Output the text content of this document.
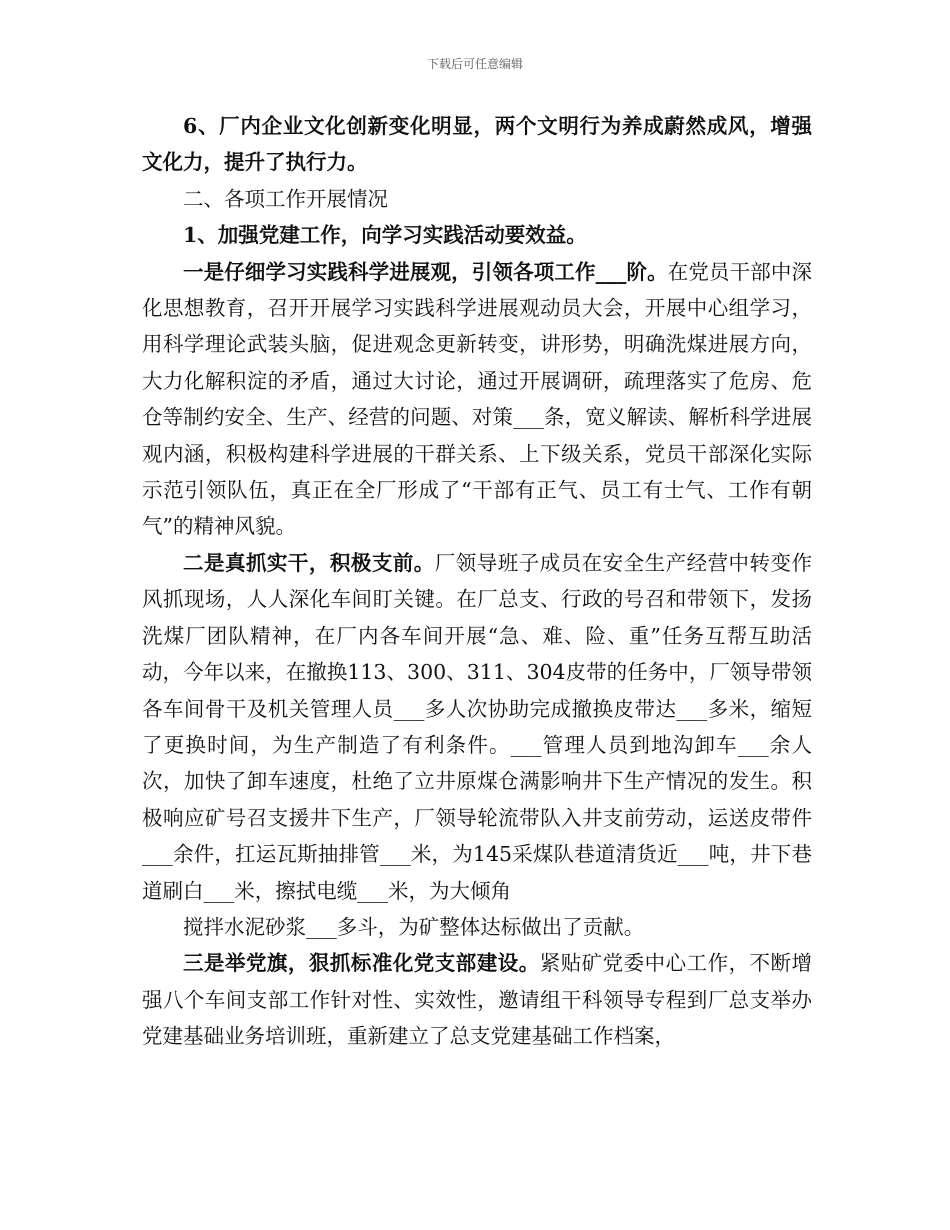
下载后可任意编辑

6、厂内企业文化创新变化明显，两个文明行为养成蔚然成风，增强文化力，提升了执行力。

二、各项工作开展情况

1、加强党建工作，向学习实践活动要效益。

一是仔细学习实践科学进展观，引领各项工作___阶。在党员干部中深化思想教育，召开开展学习实践科学进展观动员大会，开展中心组学习，用科学理论武装头脑，促进观念更新转变，讲形势，明确洗煤进展方向，大力化解积淀的矛盾，通过大讨论，通过开展调研，疏理落实了危房、危仓等制约安全、生产、经营的问题、对策___条，宽义解读、解析科学进展观内涵，积极构建科学进展的干群关系、上下级关系，党员干部深化实际示范引领队伍，真正在全厂形成了“干部有正气、员工有士气、工作有朝气”的精神风貌。

二是真抓实干，积极支前。厂领导班子成员在安全生产经营中转变作风抓现场，人人深化车间盯关键。在厂总支、行政的号召和带领下，发扬洗煤厂团队精神，在厂内各车间开展“急、难、险、重”任务互帮互助活动，今年以来，在撤换113、300、311、304皮带的任务中，厂领导带领各车间骨干及机关管理人员___多人次协助完成撤换皮带达___多米，缩短了更换时间，为生产制造了有利条件。___管理人员到地沟卸车___余人次，加快了卸车速度，杜绝了立井原煤仓满影响井下生产情况的发生。积极响应矿号召支援井下生产，厂领导轮流带队入井支前劳动，运送皮带件___余件，扛运瓦斯抽排管___米，为145采煤队巷道清货近___吨，井下巷道刷白___米，擦拭电缆___米，为大倾角

搅拌水泥砂浆___多斗，为矿整体达标做出了贡献。

三是举党旗，狠抓标准化党支部建设。紧贴矿党委中心工作，不断增强八个车间支部工作针对性、实效性，邀请组干科领导专程到厂总支举办党建基础业务培训班，重新建立了总支党建基础工作档案，
